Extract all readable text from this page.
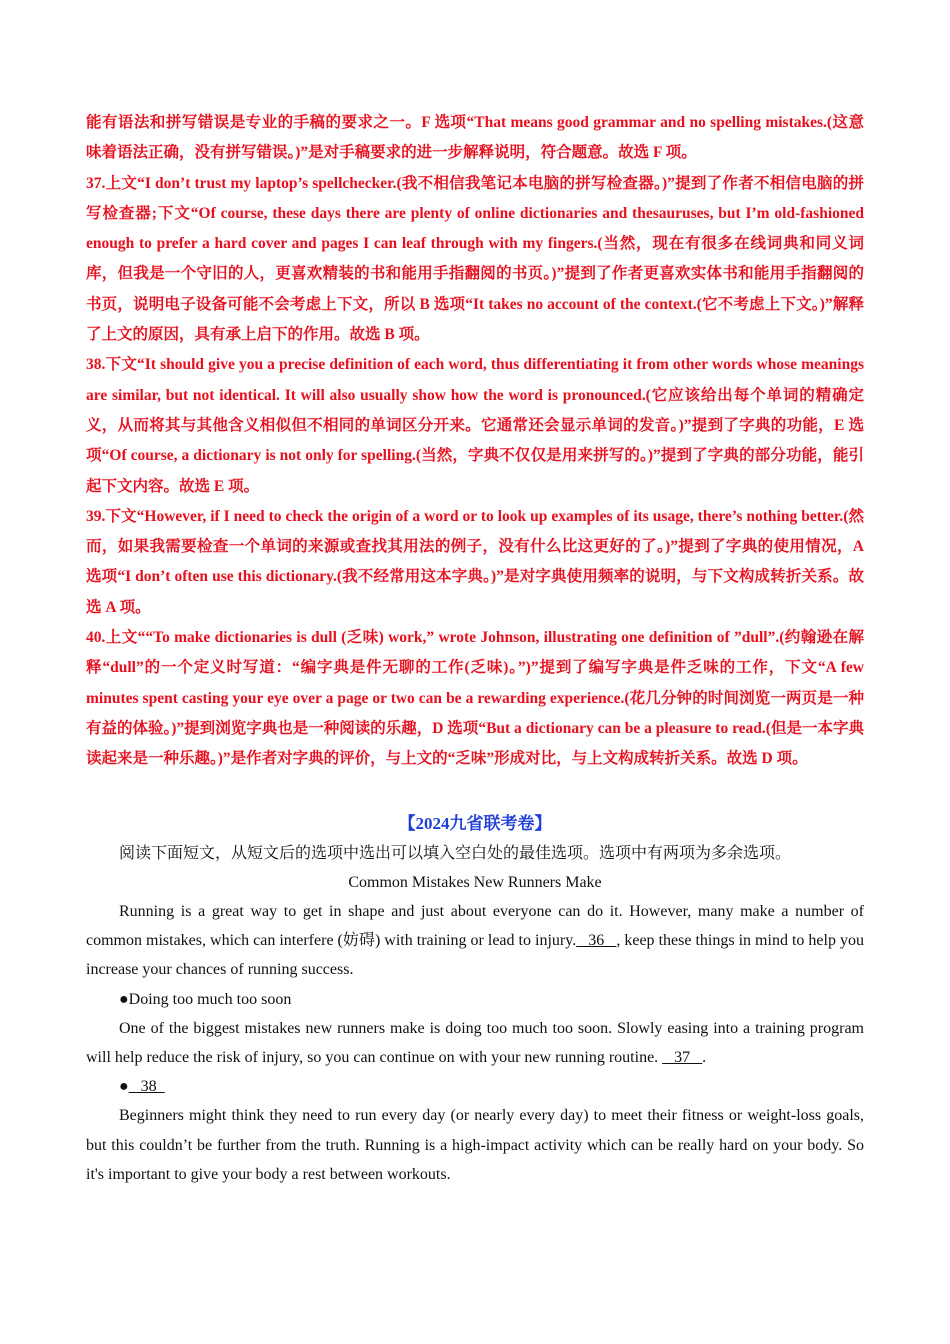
能有语法和拼写错误是专业的手稿的要求之一。F 选项“That means good grammar and no spelling mistakes.(这意味着语法正确，没有拼写错误。)”是对手稿要求的进一步解释说明，符合题意。故选 F 项。

37.上文“I don’t trust my laptop’s spellchecker.(我不相信我笔记本电脑的拼写检查器。)”提到了作者不相信电脑的拼写检查器;下文“Of course, these days there are plenty of online dictionaries and thesauruses, but I’m old-fashioned enough to prefer a hard cover and pages I can leaf through with my fingers.(当然，现在有很多在线词典和同义词库，但我是一个守旧的人，更喜欢精装的书和能用手指翻阅的书页。)”提到了作者更喜欢实体书和能用手指翻阅的书页，说明电子设备可能不会考虑上下文，所以 B 选项“It takes no account of the context.(它不考虑上下文。)”解释了上文的原因，具有承上启下的作用。故选 B 项。

38.下文“It should give you a precise definition of each word, thus differentiating it from other words whose meanings are similar, but not identical. It will also usually show how the word is pronounced.(它应该给出每个单词的精确定义，从而将其与其他含义相似但不相同的单词区分开来。它通常还会显示单词的发音。)”提到了字典的功能，E 选项“Of course, a dictionary is not only for spelling.(当然，字典不仅仅是用来拼写的。)”提到了字典的部分功能，能引起下文内容。故选 E 项。

39.下文“However, if I need to check the origin of a word or to look up examples of its usage, there’s nothing better.(然而，如果我需要检查一个单词的来源或查找其用法的例子，没有什么比这更好的了。)”提到了字典的使用情况，A 选项“I don’t often use this dictionary.(我不经常用这本字典。)”是对字典使用频率的说明，与下文构成转折关系。故选 A 项。

40.上文““To make dictionaries is dull (乏味) work,” wrote Johnson, illustrating one definition of ”dull”.(约翰逊在解释“dull”的一个定义时写道：“编字典是件无聊的工作(乏味)。”)”提到了编写字典是件乏味的工作，下文“A few minutes spent casting your eye over a page or two can be a rewarding experience.(花几分钟的时间浏览一两页是一种有益的体验。)”提到浏览字典也是一种阅读的乐趣，D 选项“But a dictionary can be a pleasure to read.(但是一本字典读起来是一种乐趣。)”是作者对字典的评价，与上文的“乏味”形成对比，与上文构成转折关系。故选 D 项。

【2024九省联考卷】

阅读下面短文，从短文后的选项中选出可以填入空白处的最佳选项。选项中有两项为多余选项。

Common Mistakes New Runners Make

Running is a great way to get in shape and just about everyone can do it. However, many make a number of common mistakes, which can interfere (妨碍) with training or lead to injury.   36   , keep these things in mind to help you increase your chances of running success.

●Doing too much too soon

One of the biggest mistakes new runners make is doing too much too soon. Slowly easing into a training program will help reduce the risk of injury, so you can continue on with your new running routine.    37   .

●   38

Beginners might think they need to run every day (or nearly every day) to meet their fitness or weight-loss goals, but this couldn’t be further from the truth. Running is a high-impact activity which can be really hard on your body. So it's important to give your body a rest between workouts.
